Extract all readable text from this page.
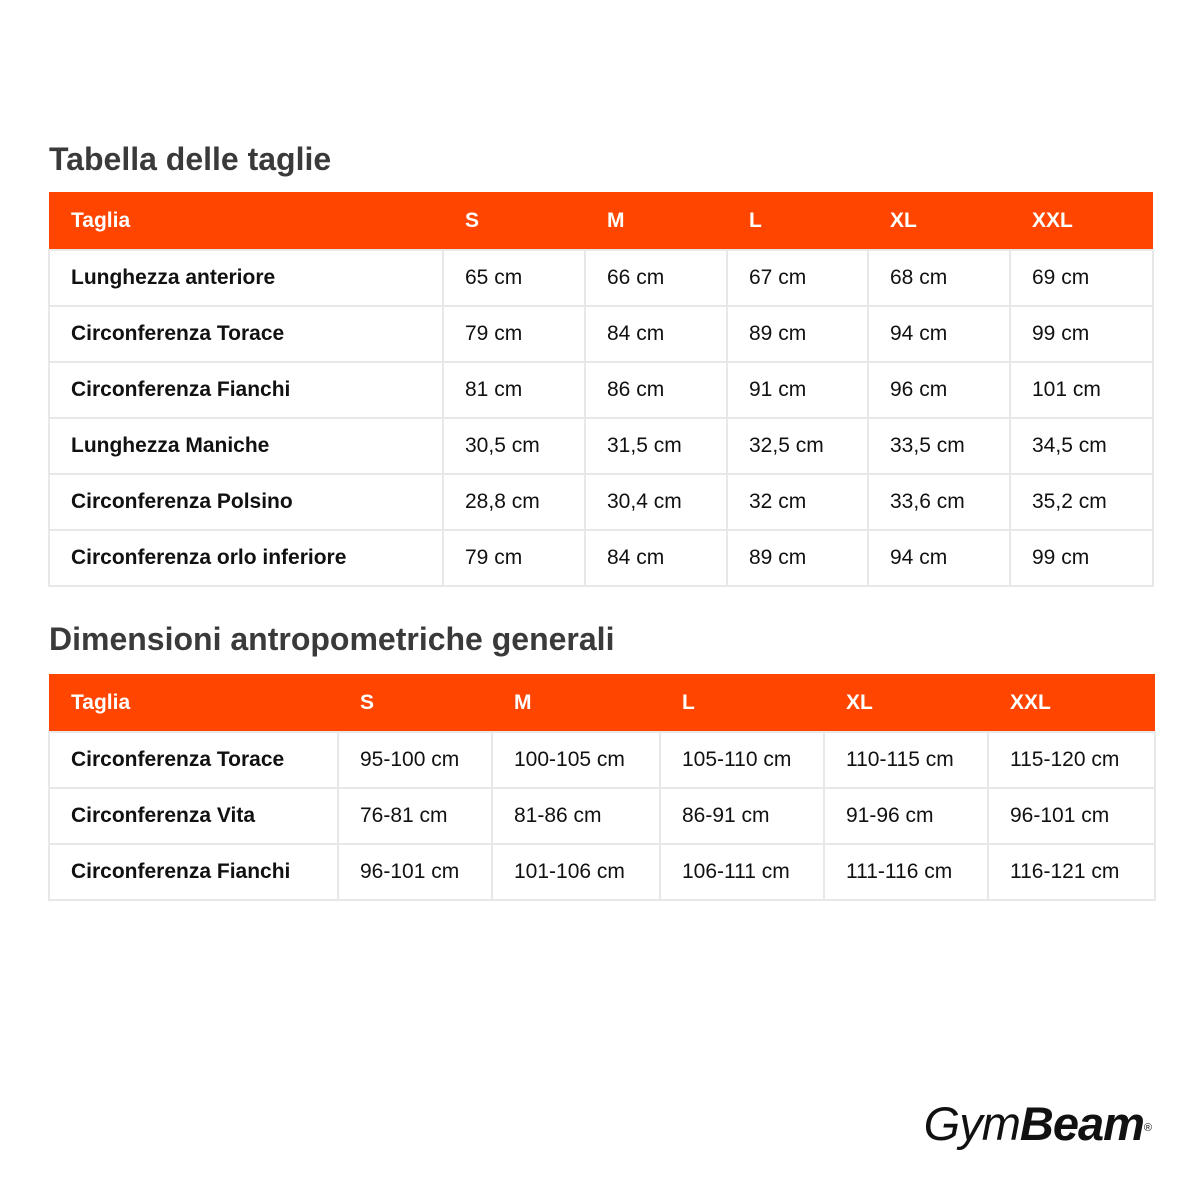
Tabella delle taglie
Taglia	S	M	L	XL	XXL
Lunghezza anteriore	65 cm	66 cm	67 cm	68 cm	69 cm
Circonferenza Torace	79 cm	84 cm	89 cm	94 cm	99 cm
Circonferenza Fianchi	81 cm	86 cm	91 cm	96 cm	101 cm
Lunghezza Maniche	30,5 cm	31,5 cm	32,5 cm	33,5 cm	34,5 cm
Circonferenza Polsino	28,8 cm	30,4 cm	32 cm	33,6 cm	35,2 cm
Circonferenza orlo inferiore	79 cm	84 cm	89 cm	94 cm	99 cm
Dimensioni antropometriche generali
Taglia	S	M	L	XL	XXL
Circonferenza Torace	95-100 cm	100-105 cm	105-110 cm	110-115 cm	115-120 cm
Circonferenza Vita	76-81 cm	81-86 cm	86-91 cm	91-96 cm	96-101 cm
Circonferenza Fianchi	96-101 cm	101-106 cm	106-111 cm	111-116 cm	116-121 cm
GymBeam®
